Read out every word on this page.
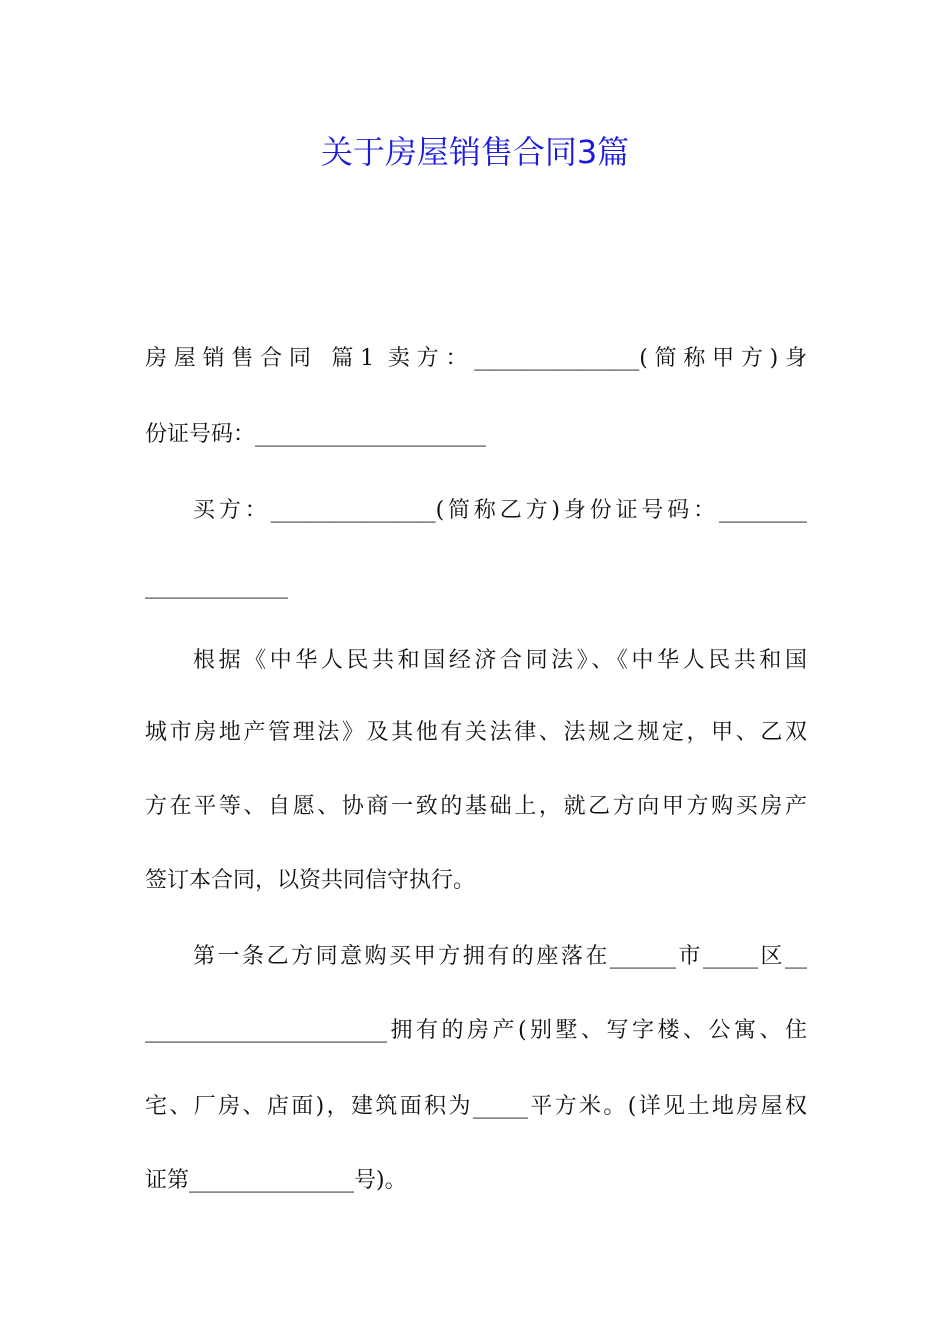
关于房屋销售合同3篇
房屋销售合同 篇1 卖方：_______________(简称甲方)身
份证号码：_____________________
买方：_______________(简称乙方)身份证号码：________
_____________
根据《中华人民共和国经济合同法》、《中华人民共和国
城市房地产管理法》及其他有关法律、法规之规定，甲、乙双
方在平等、自愿、协商一致的基础上，就乙方向甲方购买房产
签订本合同，以资共同信守执行。
第一条乙方同意购买甲方拥有的座落在______市_____区__
______________________拥有的房产(别墅、写字楼、公寓、住
宅、厂房、店面)，建筑面积为_____平方米。(详见土地房屋权
证第_______________号)。
